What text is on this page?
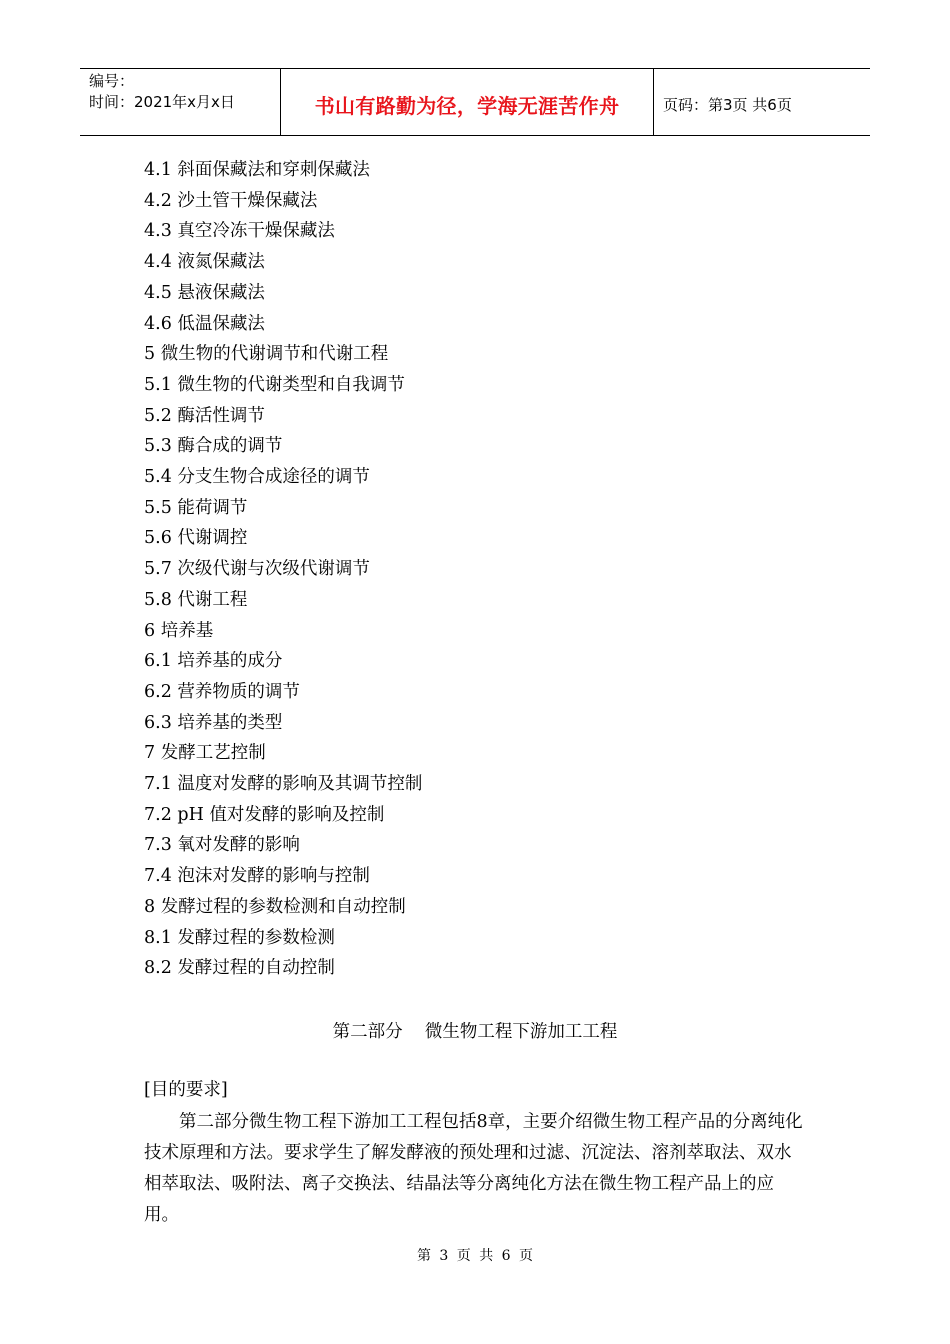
编号：
时间：2021年x月x日	书山有路勤为径，学海无涯苦作舟	页码：第3页 共6页
4.1 斜面保藏法和穿刺保藏法
4.2 沙土管干燥保藏法
4.3 真空冷冻干燥保藏法
4.4 液氮保藏法
4.5 悬液保藏法
4.6 低温保藏法
5 微生物的代谢调节和代谢工程
5.1 微生物的代谢类型和自我调节
5.2 酶活性调节
5.3 酶合成的调节
5.4 分支生物合成途径的调节
5.5 能荷调节
5.6 代谢调控
5.7 次级代谢与次级代谢调节
5.8 代谢工程
6 培养基
6.1 培养基的成分
6.2 营养物质的调节
6.3 培养基的类型
7 发酵工艺控制
7.1 温度对发酵的影响及其调节控制
7.2 pH 值对发酵的影响及控制
7.3 氧对发酵的影响
7.4 泡沫对发酵的影响与控制
8 发酵过程的参数检测和自动控制
8.1 发酵过程的参数检测
8.2 发酵过程的自动控制
第二部分    微生物工程下游加工工程
[目的要求]

第二部分微生物工程下游加工工程包括8章，主要介绍微生物工程产品的分离纯化技术原理和方法。要求学生了解发酵液的预处理和过滤、沉淀法、溶剂萃取法、双水相萃取法、吸附法、离子交换法、结晶法等分离纯化方法在微生物工程产品上的应用。

第 3 页 共 6 页
